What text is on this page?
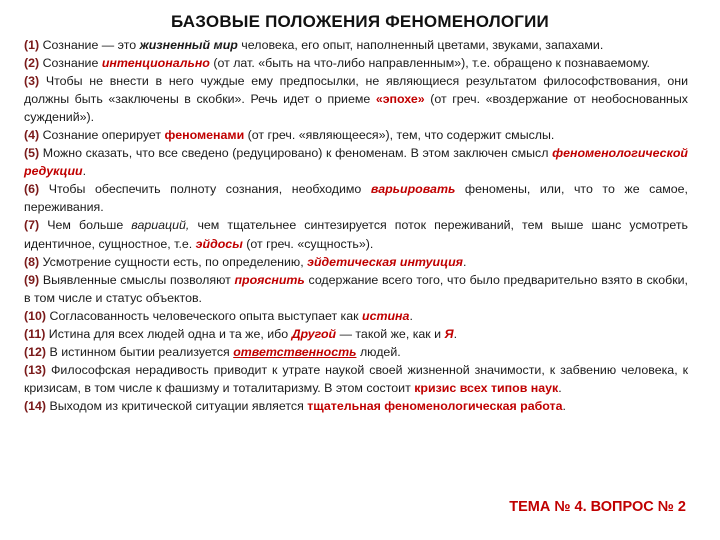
БАЗОВЫЕ ПОЛОЖЕНИЯ ФЕНОМЕНОЛОГИИ

(1) Сознание — это жизненный мир человека, его опыт, наполненный цветами, звуками, запахами.

(2) Сознание интенционально (от лат. «быть на что-либо направленным»), т.е. обращено к познаваемому.

(3) Чтобы не внести в него чуждые ему предпосылки, не являющиеся результатом философствования, они должны быть «заключены в скобки». Речь идет о приеме «эпохе» (от греч. «воздержание от необоснованных суждений»).

(4) Сознание оперирует феноменами (от греч. «являющееся»), тем, что содержит смыслы.

(5) Можно сказать, что все сведено (редуцировано) к феноменам. В этом заключен смысл феноменологической редукции.

(6) Чтобы обеспечить полноту сознания, необходимо варьировать феномены, или, что то же самое, переживания.

(7) Чем больше вариаций, чем тщательнее синтезируется поток переживаний, тем выше шанс усмотреть идентичное, сущностное, т.е. эйдосы (от греч. «сущность»).

(8) Усмотрение сущности есть, по определению, эйдетическая интуиция.

(9) Выявленные смыслы позволяют прояснить содержание всего того, что было предварительно взято в скобки, в том числе и статус объектов.

(10) Согласованность человеческого опыта выступает как истина.

(11) Истина для всех людей одна и та же, ибо Другой — такой же, как и Я.

(12) В истинном бытии реализуется ответственность людей.

(13) Философская нерадивость приводит к утрате наукой своей жизненной значимости, к забвению человека, к кризисам, в том числе к фашизму и тоталитаризму. В этом состоит кризис всех типов наук.

(14) Выходом из критической ситуации является тщательная феноменологическая работа.

ТЕМА № 4. ВОПРОС № 2
